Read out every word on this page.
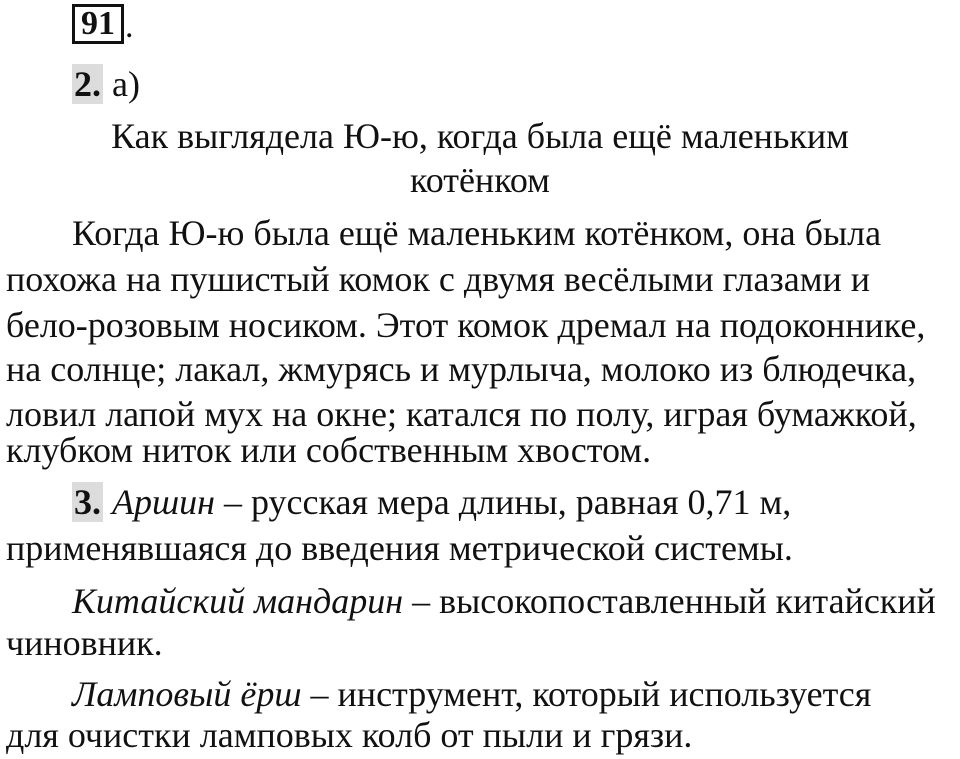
91 .
2. а)
Как выглядела Ю-ю, когда была ещё маленьким
котёнком
Когда Ю-ю была ещё маленьким котёнком, она была
похожа на пушистый комок с двумя весёлыми глазами и
бело-розовым носиком. Этот комок дремал на подоконнике,
на солнце; лакал, жмурясь и мурлыча, молоко из блюдечка,
ловил лапой мух на окне; катался по полу, играя бумажкой,
клубком ниток или собственным хвостом.
3. Аршин – русская мера длины, равная 0,71 м,
применявшаяся до введения метрической системы.
Китайский мандарин – высокопоставленный китайский
чиновник.
Ламповый ёрш – инструмент, который используется
для очистки ламповых колб от пыли и грязи.
